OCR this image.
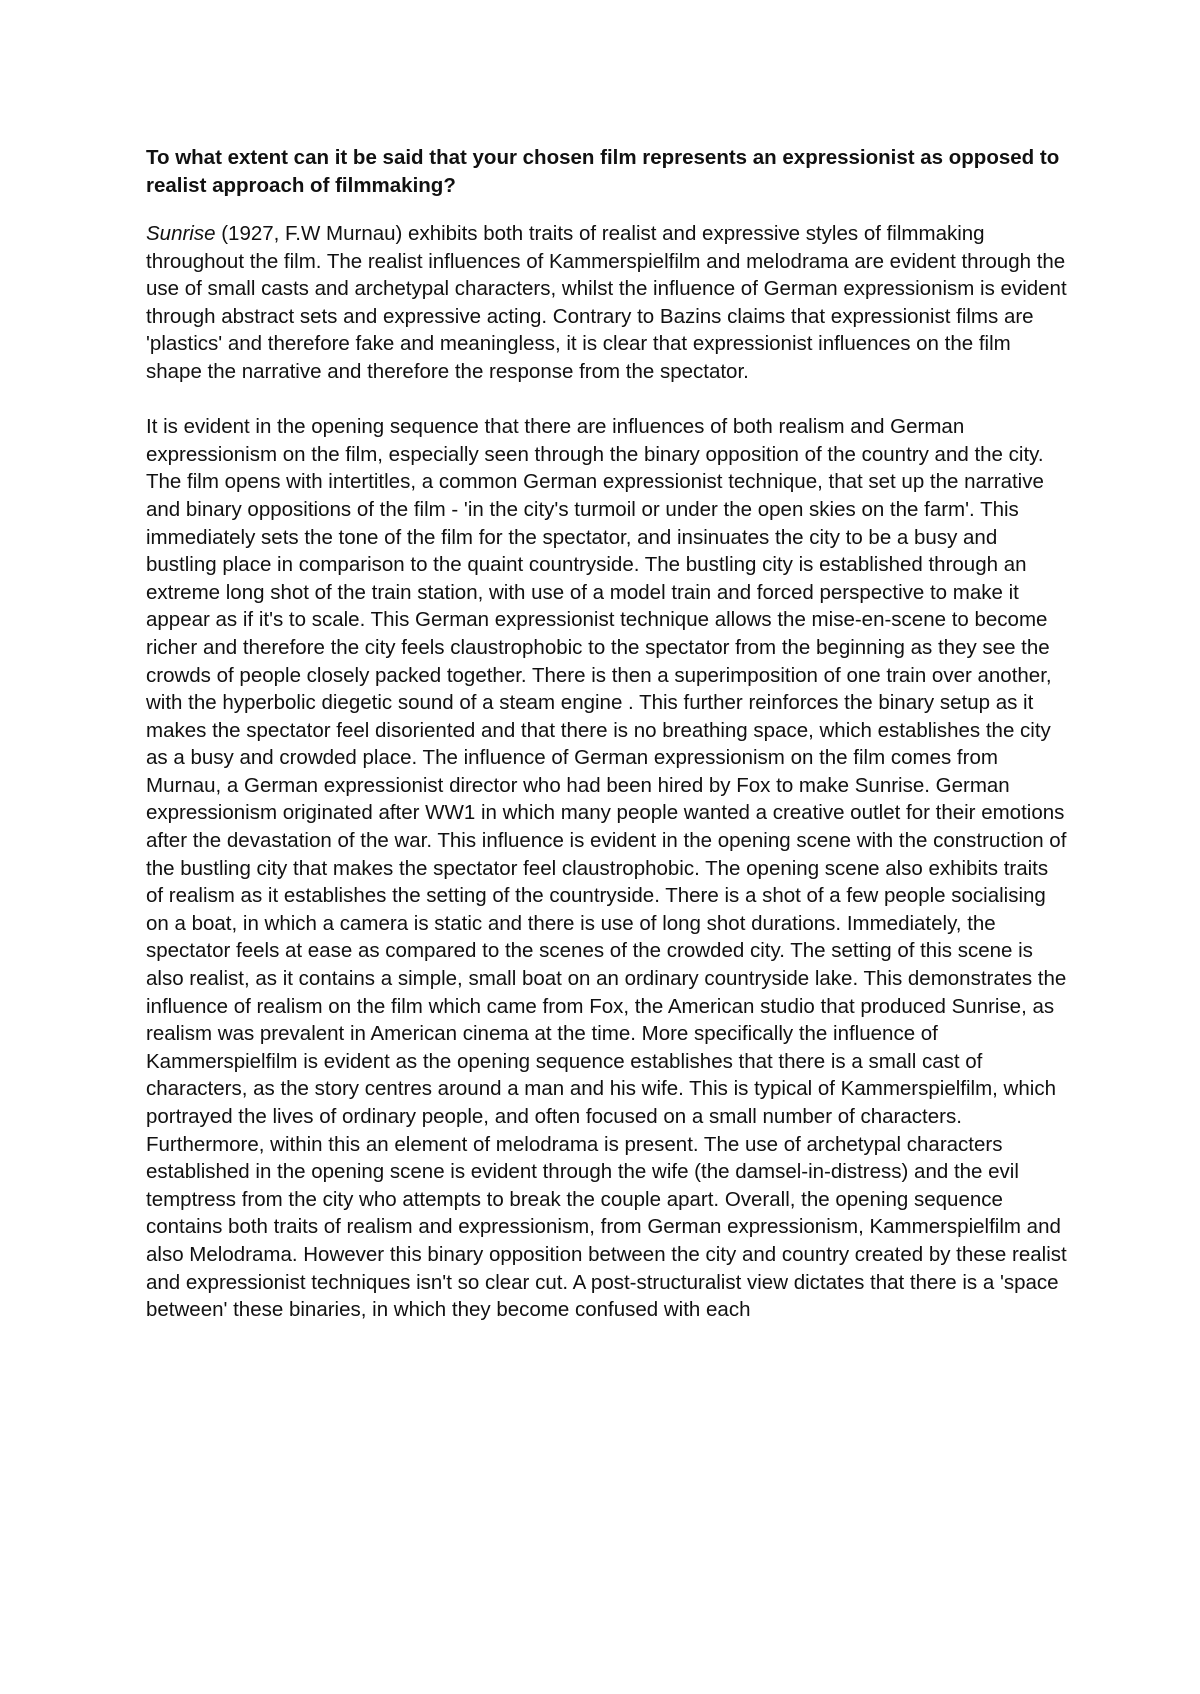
To what extent can it be said that your chosen film represents an expressionist as opposed to realist approach of filmmaking?

Sunrise (1927, F.W Murnau) exhibits both traits of realist and expressive styles of filmmaking throughout the film. The realist influences of Kammerspielfilm and melodrama are evident through the use of small casts and archetypal characters, whilst the influence of German expressionism is evident through abstract sets and expressive acting. Contrary to Bazins claims that expressionist films are 'plastics' and therefore fake and meaningless, it is clear that expressionist influences on the film shape the narrative and therefore the response from the spectator.

It is evident in the opening sequence that there are influences of both realism and German expressionism on the film, especially seen through the binary opposition of the country and the city. The film opens with intertitles, a common German expressionist technique, that set up the narrative and binary oppositions of the film - 'in the city's turmoil or under the open skies on the farm'. This immediately sets the tone of the film for the spectator, and insinuates the city to be a busy and bustling place in comparison to the quaint countryside. The bustling city is established through an extreme long shot of the train station, with use of a model train and forced perspective to make it appear as if it's to scale. This German expressionist technique allows the mise-en-scene to become richer and therefore the city feels claustrophobic to the spectator from the beginning as they see the crowds of people closely packed together. There is then a superimposition of one train over another, with the hyperbolic diegetic sound of a steam engine . This further reinforces the binary setup as it makes the spectator feel disoriented and that there is no breathing space, which establishes the city as a busy and crowded place. The influence of German expressionism on the film comes from Murnau, a German expressionist director who had been hired by Fox to make Sunrise. German expressionism originated after WW1 in which many people wanted a creative outlet for their emotions after the devastation of the war. This influence is evident in the opening scene with the construction of the bustling city that makes the spectator feel claustrophobic. The opening scene also exhibits traits of realism as it establishes the setting of the countryside. There is a shot of a few people socialising on a boat, in which a camera is static and there is use of long shot durations. Immediately, the spectator feels at ease as compared to the scenes of the crowded city. The setting of this scene is also realist, as it contains a simple, small boat on an ordinary countryside lake. This demonstrates the influence of realism on the film which came from Fox, the American studio that produced Sunrise, as realism was prevalent in American cinema at the time. More specifically the influence of Kammerspielfilm is evident as the opening sequence establishes that there is a small cast of characters, as the story centres around a man and his wife. This is typical of Kammerspielfilm, which portrayed the lives of ordinary people, and often focused on a small number of characters. Furthermore, within this an element of melodrama is present. The use of archetypal characters established in the opening scene is evident through the wife (the damsel-in-distress) and the evil temptress from the city who attempts to break the couple apart. Overall, the opening sequence contains both traits of realism and expressionism, from German expressionism, Kammerspielfilm and also Melodrama. However this binary opposition between the city and country created by these realist and expressionist techniques isn't so clear cut. A post-structuralist view dictates that there is a 'space between' these binaries, in which they become confused with each
